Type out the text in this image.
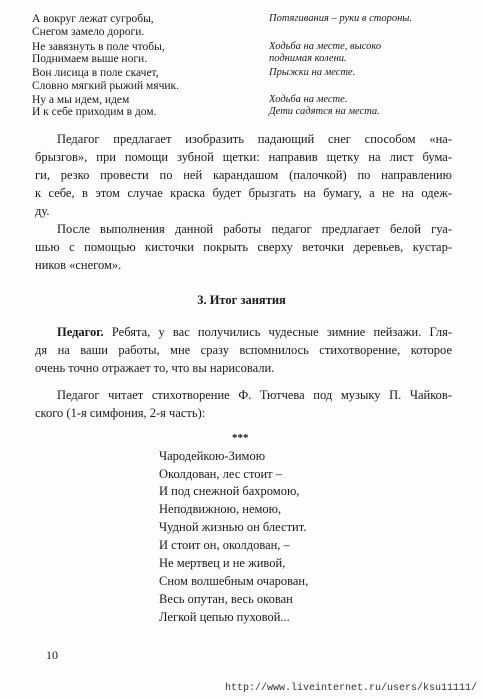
А вокруг лежат сугробы,	Потягивания – руки в стороны.
Снегом замело дороги.
Не завязнуть в поле чтобы,	Ходьба на месте, высоко
Поднимаем выше ноги.	поднимая колени.
Вон лисица в поле скачет,	Прыжки на месте.
Словно мягкий рыжий мячик.
Ну а мы идем, идем	Ходьба на месте.
И к себе приходим в дом.	Дети садятся на места.
Педагог предлагает изобразить падающий снег способом «на-
брызгов», при помощи зубной щетки: направив щетку на лист бума-
ги, резко провести по ней карандашом (палочкой) по направлению
к себе, в этом случае краска будет брызгать на бумагу, а не на одеж-
ду.
После выполнения данной работы педагог предлагает белой гуа-
шью с помощью кисточки покрыть сверху веточки деревьев, кустар-
ников «снегом».
3. Итог занятия
Педагог. Ребята, у вас получились чудесные зимние пейзажи. Гля-
дя на ваши работы, мне сразу вспомнилось стихотворение, которое
очень точно отражает то, что вы нарисовали.
Педагог читает стихотворение Ф. Тютчева под музыку П. Чайков-
ского (1-я симфония, 2-я часть):
***
Чародейкою-Зимою
Околдован, лес стоит –
И под снежной бахромою,
Неподвижною, немою,
Чудной жизнью он блестит.
И стоит он, околдован, –
Не мертвец и не живой,
Сном волшебным очарован,
Весь опутан, весь окован
Легкой цепью пуховой...
10
http://www.liveinternet.ru/users/ksu11111/
